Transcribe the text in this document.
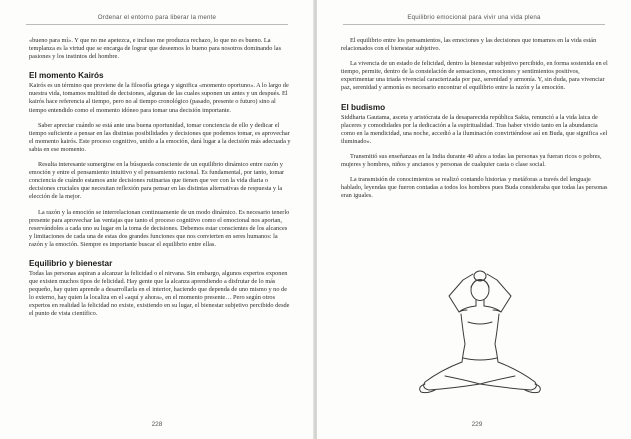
Ordenar el entorno para liberar la mente

«bueno para mí». Y que no me apetezca, e incluso me produzca rechazo, lo que no es bueno. La templanza es la virtud que se encarga de lograr que deseemos lo bueno para nosotros dominando las pasiones y los instintos del hombre.

El momento Kairós

Kairós es un término que proviene de la filosofía griega y significa «momento oportuno». A lo largo de nuestra vida, tomamos multitud de decisiones, algunas de las cuales suponen un antes y un después. El kairós hace referencia al tiempo, pero no al tiempo cronológico (pasado, presente o futuro) sino al tiempo entendido como el momento idóneo para tomar una decisión importante.

Saber apreciar cuándo se está ante una buena oportunidad, tomar conciencia de ello y dedicar el tiempo suficiente a pensar en las distintas posibilidades y decisiones que podemos tomar, es aprovechar el momento kairós. Este proceso cognitivo, unido a la emoción, dará lugar a la decisión más adecuada y sabia en ese momento.

Resulta interesante sumergirse en la búsqueda consciente de un equilibrio dinámico entre razón y emoción y entre el pensamiento intuitivo y el pensamiento racional. Es fundamental, por tanto, tomar conciencia de cuándo estamos ante decisiones rutinarias que tienen que ver con la vida diaria o decisiones cruciales que necesitan reflexión para pensar en las distintas alternativas de respuesta y la elección de la mejor.

La razón y la emoción se interrelacionan continuamente de un modo dinámico. Es necesario tenerlo presente para aprovechar las ventajas que tanto el proceso cognitivo como el emocional nos aportan, reservándoles a cada uno su lugar en la toma de decisiones. Debemos estar conscientes de los alcances y limitaciones de cada una de estas dos grandes funciones que nos convierten en seres humanos: la razón y la emoción. Siempre es importante buscar el equilibrio entre ellas.

Equilibrio y bienestar

Todas las personas aspiran a alcanzar la felicidad o el nirvana. Sin embargo, algunos expertos exponen que existen muchos tipos de felicidad. Hay gente que la alcanza aprendiendo a disfrutar de lo más pequeño, hay quien aprende a desarrollarla en el interior, haciendo que dependa de uno mismo y no de lo externo, hay quien la localiza en el «aquí y ahora», en el momento presente… Pero según otros expertos en realidad la felicidad no existe, existiendo en su lugar, el bienestar subjetivo percibido desde el punto de vista científico.

228
Equilibrio emocional para vivir una vida plena

El equilibrio entre los pensamientos, las emociones y las decisiones que tomamos en la vida están relacionados con el bienestar subjetivo.

La vivencia de un estado de felicidad, dentro la bienestar subjetivo percibido, en forma sostenida en el tiempo, permite, dentro de la constelación de sensaciones, emociones y sentimientos positivos, experimentar una triada vivencial caracterizada por paz, serenidad y armonía. Y, sin duda, para vivenciar paz, serenidad y armonía es necesario encontrar el equilibrio entre la razón y la emoción.

El budismo

Siddharta Gautama, asceta y aristócrata de la desaparecida república Sakia, renunció a la vida laica de placeres y comodidades por la dedicación a la espiritualidad. Tras haber vivido tanto en la abundancia como en la mendicidad, una noche, accedió a la iluminación convirtiéndose así en Buda, que significa «el iluminado».

Transmitió sus enseñanzas en la India durante 40 años a todas las personas ya fueran ricos o pobres, mujeres y hombres, niños y ancianos y personas de cualquier casta o clase social.

La transmisión de conocimientos se realizó contando historias y metáforas a través del lenguaje hablado, leyendas que fueron contadas a todos los hombres pues Buda consideraba que todas las personas eran iguales.

229
